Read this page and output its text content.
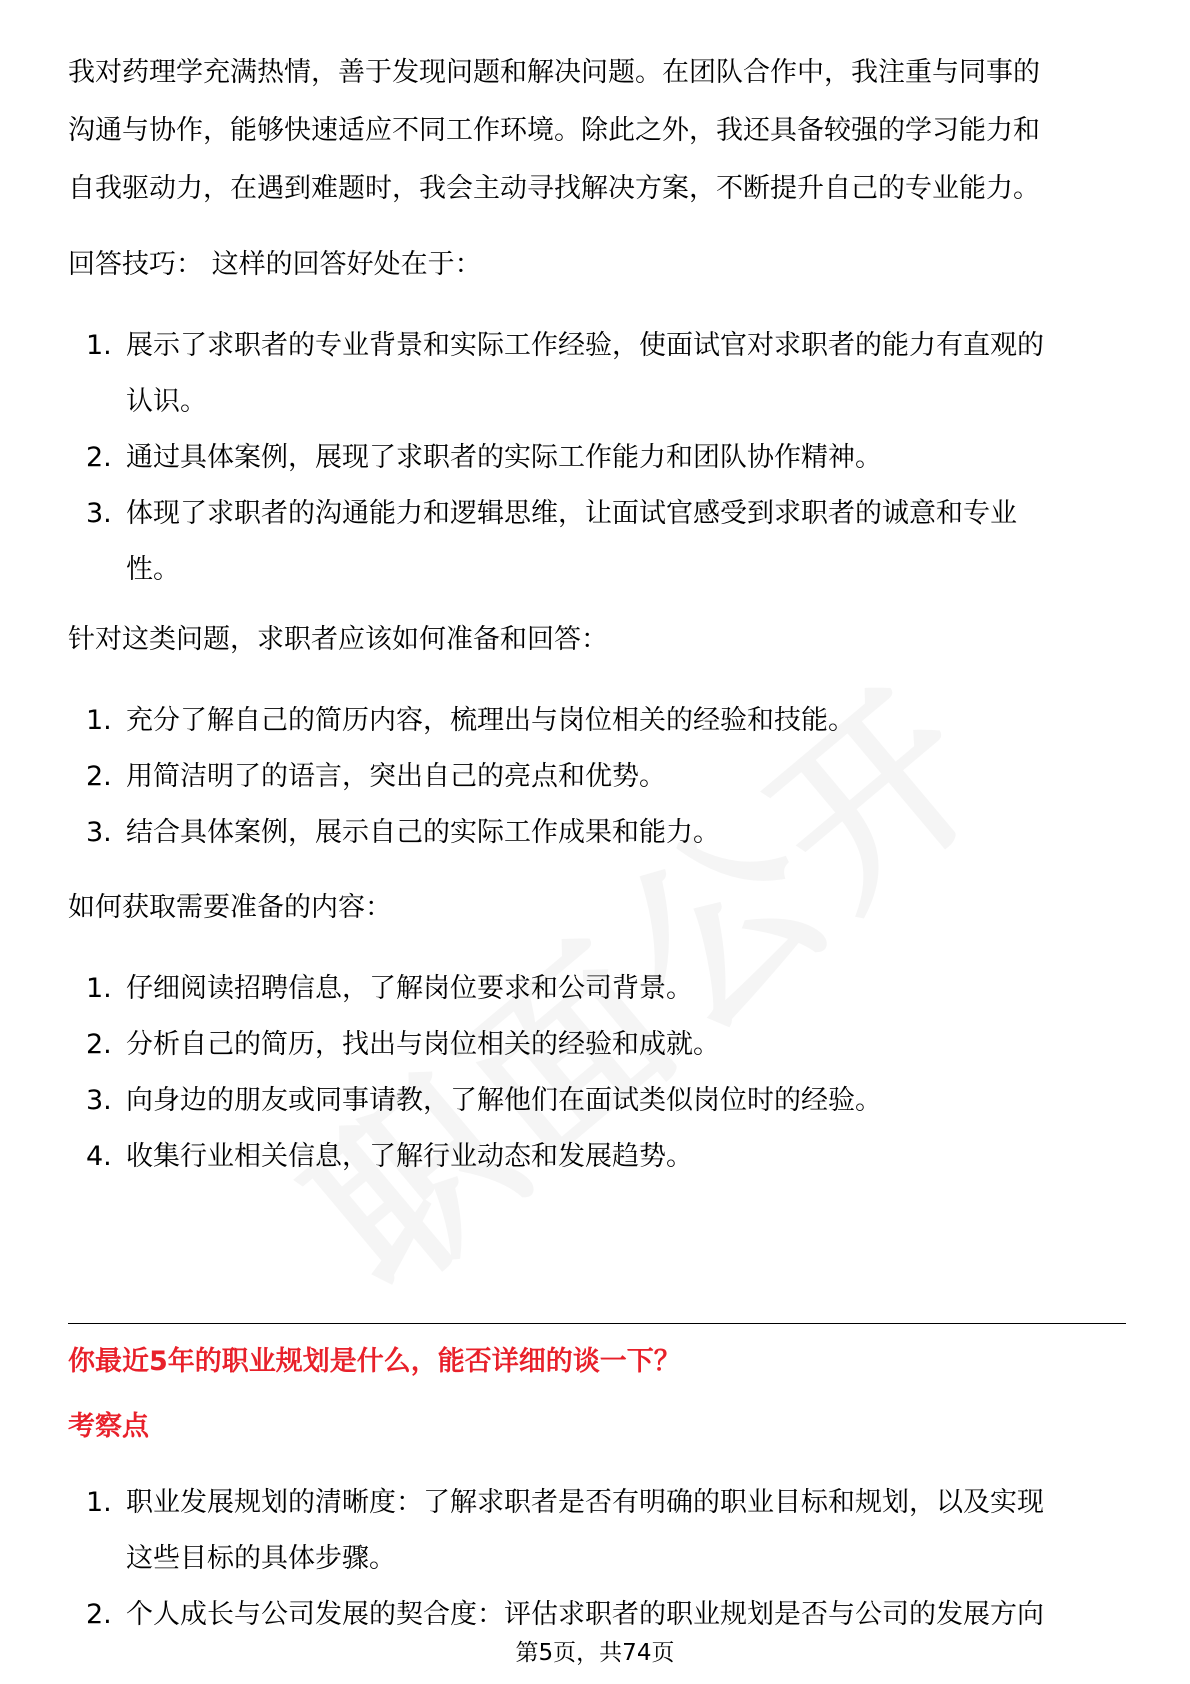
我对药理学充满热情，善于发现问题和解决问题。在团队合作中，我注重与同事的
沟通与协作，能够快速适应不同工作环境。除此之外，我还具备较强的学习能力和
自我驱动力，在遇到难题时，我会主动寻找解决方案，不断提升自己的专业能力。

回答技巧： 这样的回答好处在于：

1. 展示了求职者的专业背景和实际工作经验，使面试官对求职者的能力有直观的
认识。
2. 通过具体案例，展现了求职者的实际工作能力和团队协作精神。
3. 体现了求职者的沟通能力和逻辑思维，让面试官感受到求职者的诚意和专业
性。

针对这类问题，求职者应该如何准备和回答：

1. 充分了解自己的简历内容，梳理出与岗位相关的经验和技能。
2. 用简洁明了的语言，突出自己的亮点和优势。
3. 结合具体案例，展示自己的实际工作成果和能力。

如何获取需要准备的内容：

1. 仔细阅读招聘信息，了解岗位要求和公司背景。
2. 分析自己的简历，找出与岗位相关的经验和成就。
3. 向身边的朋友或同事请教，了解他们在面试类似岗位时的经验。
4. 收集行业相关信息，了解行业动态和发展趋势。

你最近5年的职业规划是什么，能否详细的谈一下？

考察点

1. 职业发展规划的清晰度：了解求职者是否有明确的职业目标和规划，以及实现
这些目标的具体步骤。
2. 个人成长与公司发展的契合度：评估求职者的职业规划是否与公司的发展方向
第5页，共74页
